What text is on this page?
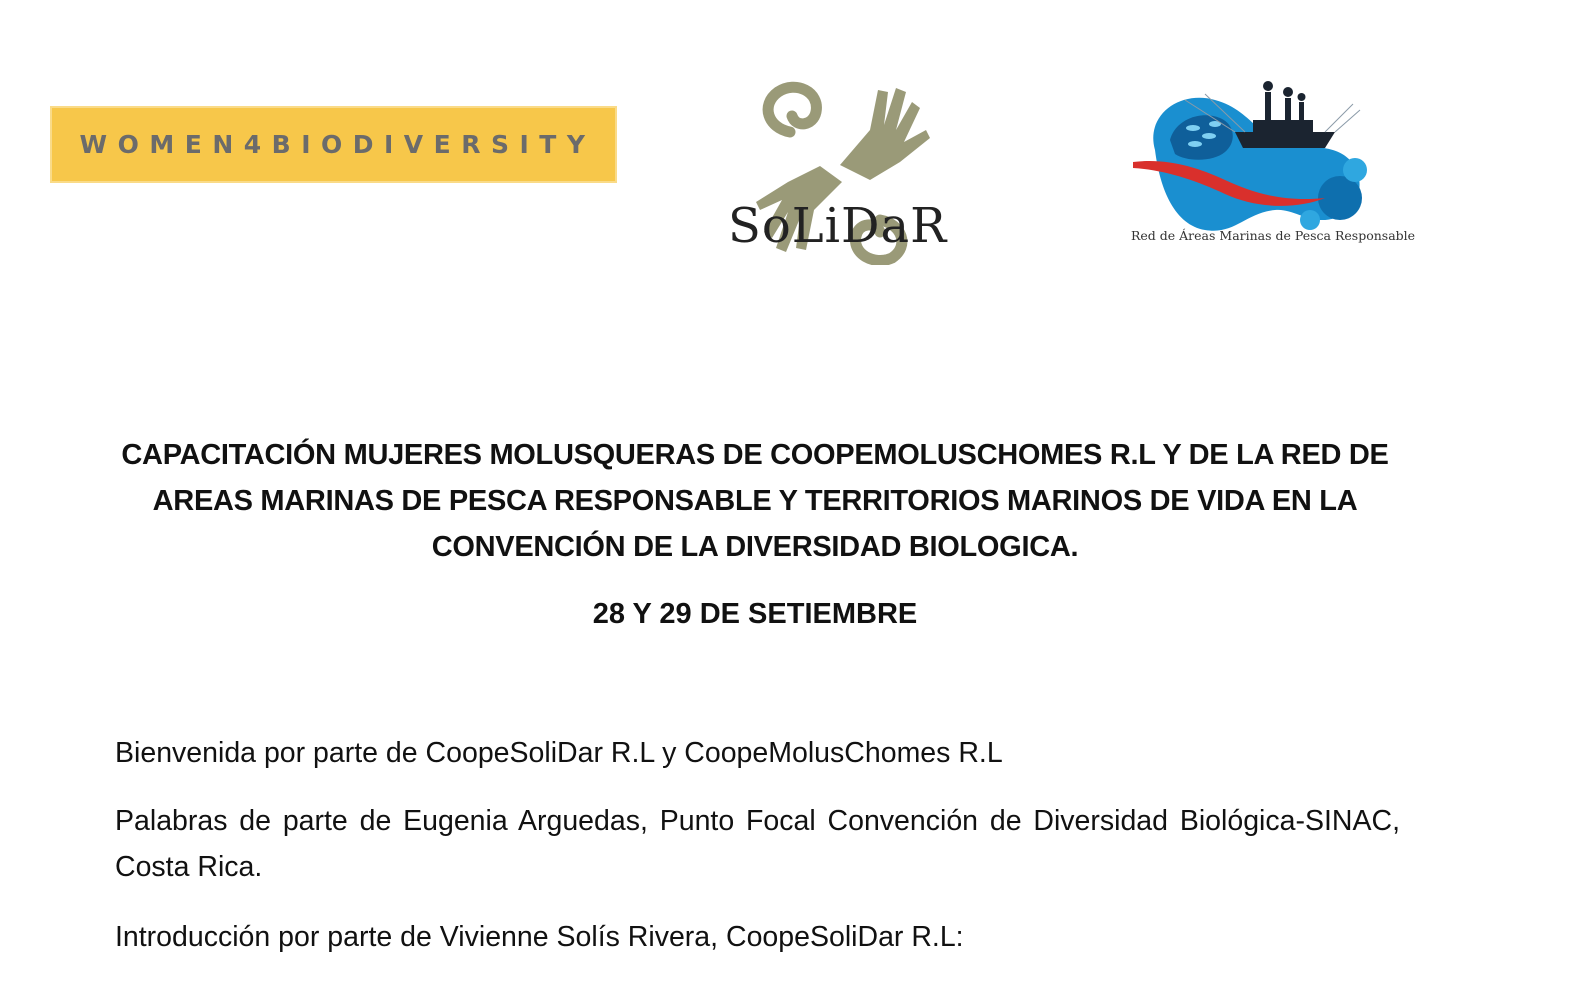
WOMEN4BIODIVERSITY
SoLiDaR	Red de Áreas Marinas de Pesca Responsable
CAPACITACIÓN MUJERES MOLUSQUERAS DE COOPEMOLUSCHOMES R.L Y DE LA RED DE
AREAS MARINAS DE PESCA RESPONSABLE Y TERRITORIOS MARINOS DE VIDA EN LA
CONVENCIÓN DE LA DIVERSIDAD BIOLOGICA.
28 Y 29 DE SETIEMBRE
Bienvenida por parte de CoopeSoliDar R.L y CoopeMolusChomes R.L
Palabras de parte de Eugenia Arguedas, Punto Focal Convención de Diversidad Biológica-SINAC, Costa Rica.
Introducción por parte de Vivienne Solís Rivera, CoopeSoliDar R.L:
